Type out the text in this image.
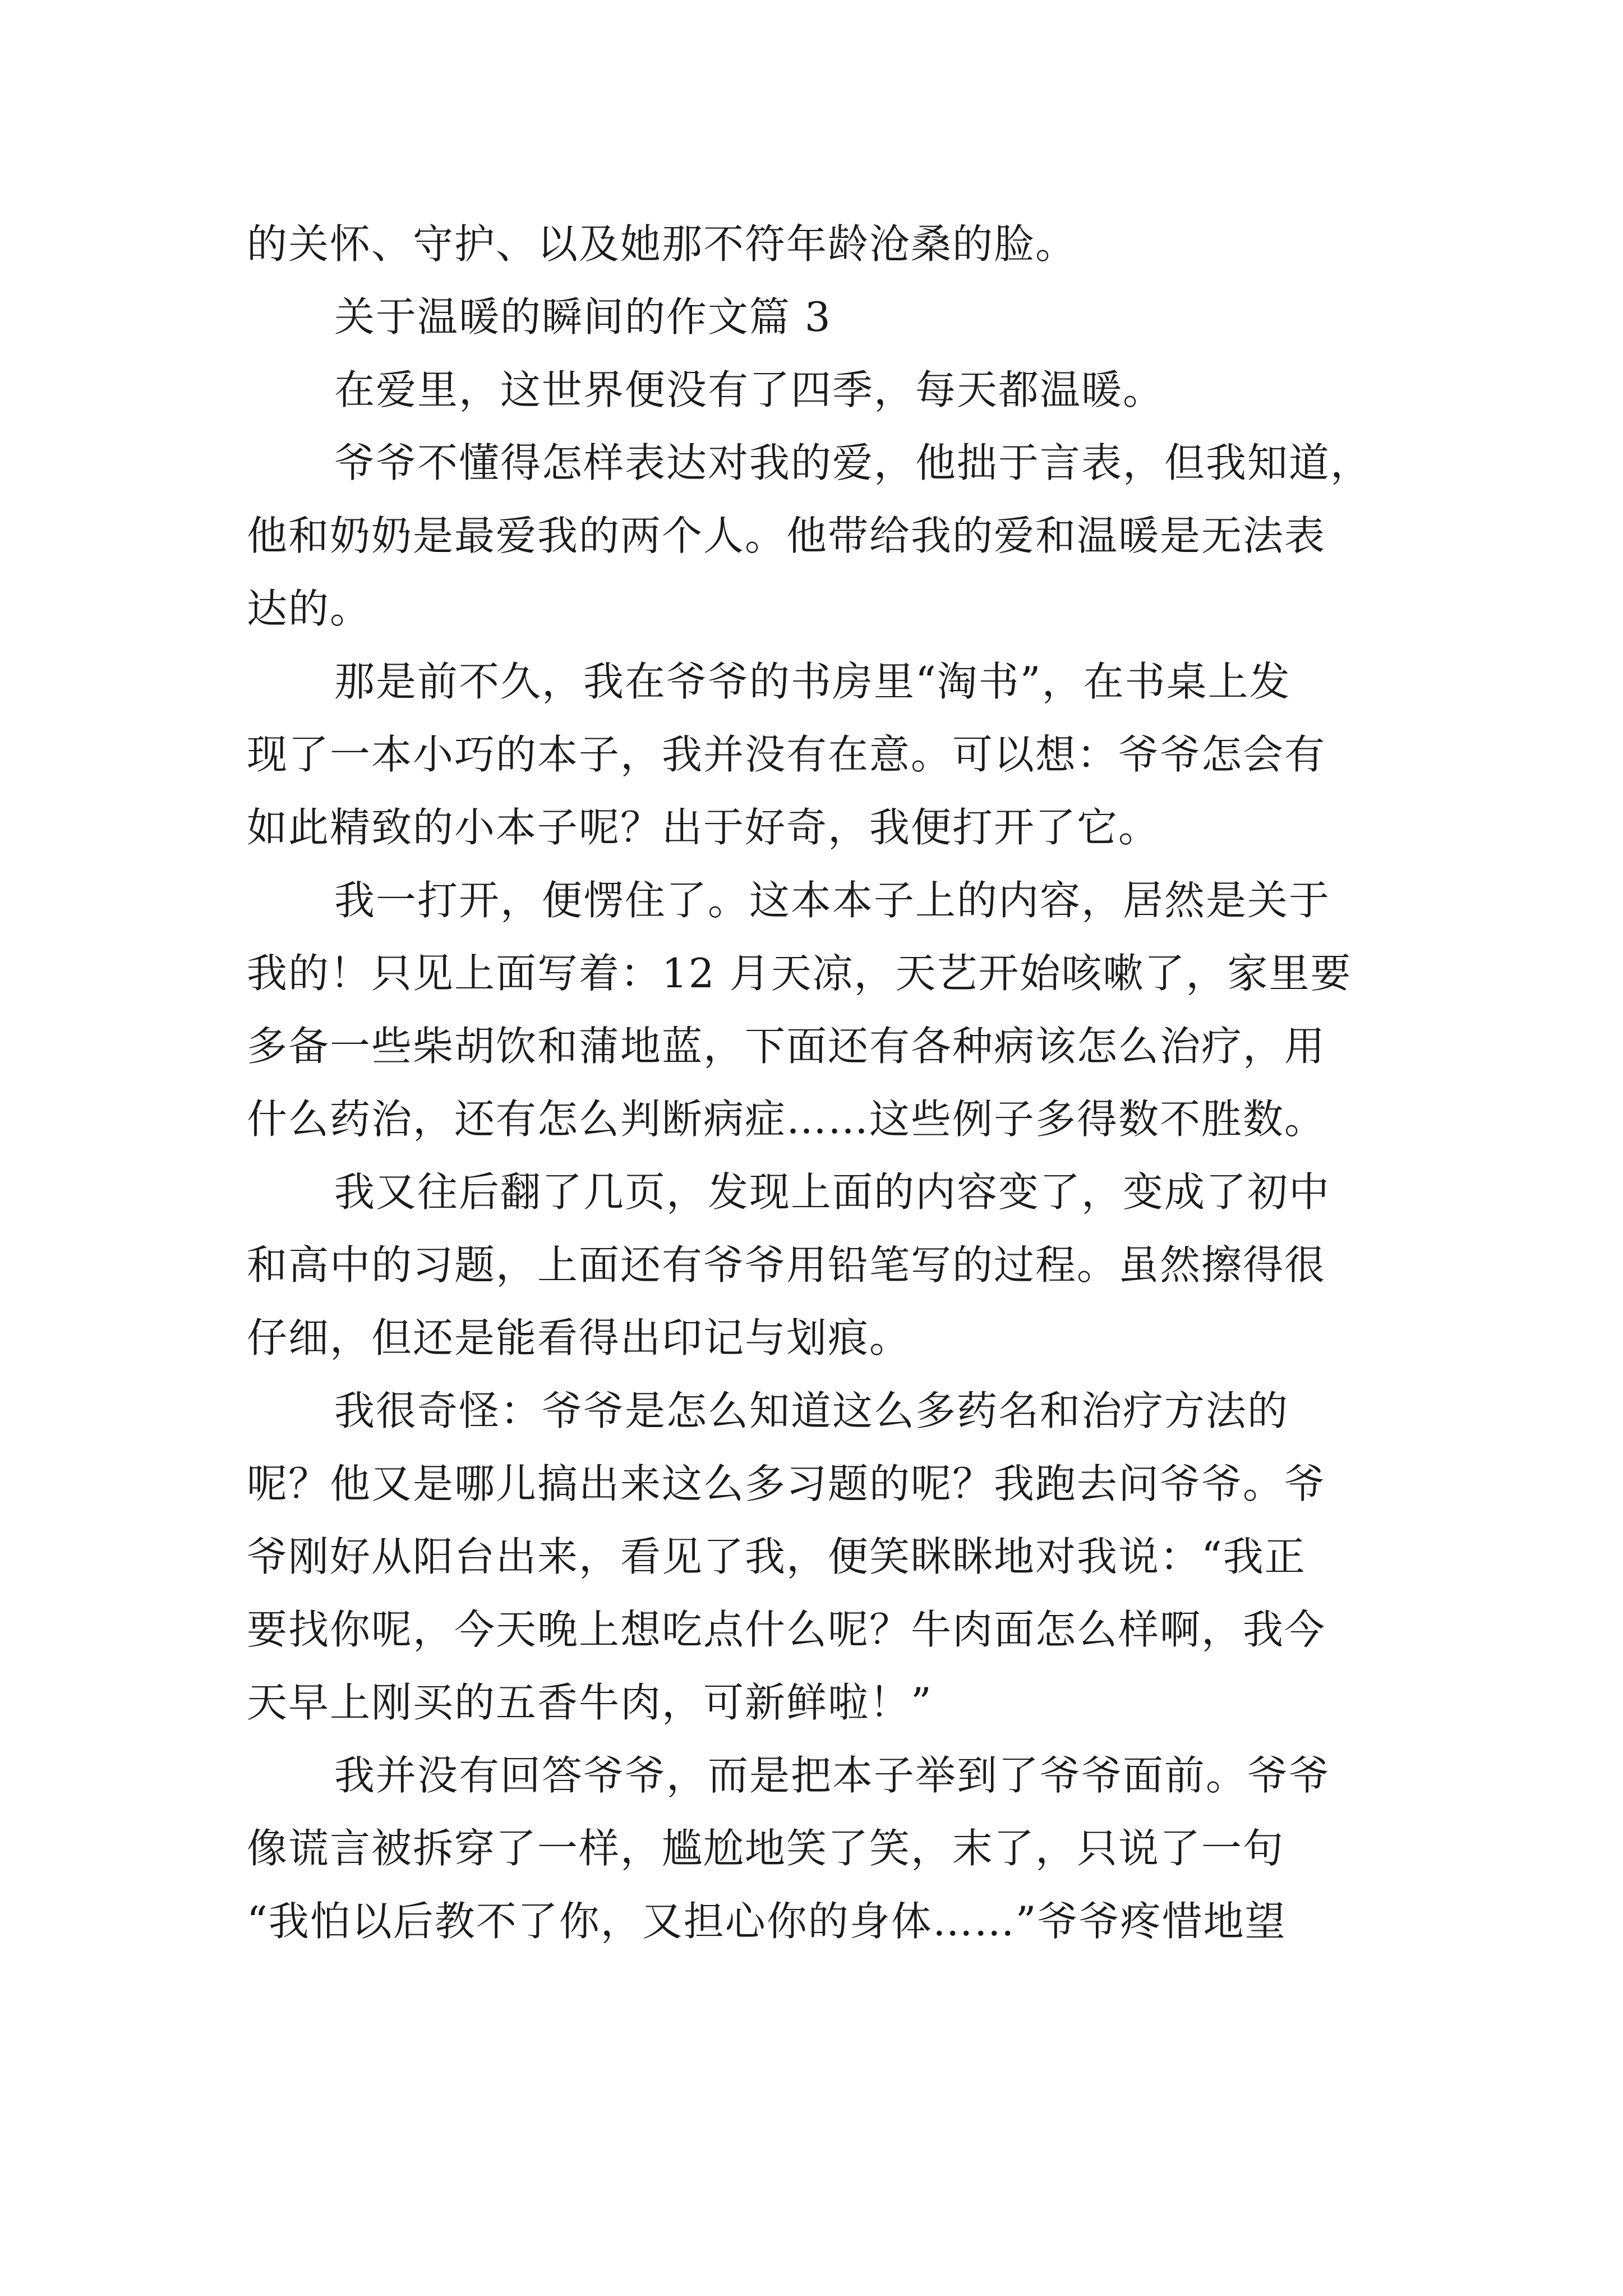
的关怀、守护、以及她那不符年龄沧桑的脸。
关于温暖的瞬间的作文篇 3
在爱里，这世界便没有了四季，每天都温暖。
爷爷不懂得怎样表达对我的爱，他拙于言表，但我知道，
他和奶奶是最爱我的两个人。他带给我的爱和温暖是无法表
达的。
那是前不久，我在爷爷的书房里“淘书”，在书桌上发
现了一本小巧的本子，我并没有在意。可以想：爷爷怎会有
如此精致的小本子呢？出于好奇，我便打开了它。
我一打开，便愣住了。这本本子上的内容，居然是关于
我的！只见上面写着：12 月天凉，天艺开始咳嗽了，家里要
多备一些柴胡饮和蒲地蓝，下面还有各种病该怎么治疗，用
什么药治，还有怎么判断病症……这些例子多得数不胜数。
我又往后翻了几页，发现上面的内容变了，变成了初中
和高中的习题，上面还有爷爷用铅笔写的过程。虽然擦得很
仔细，但还是能看得出印记与划痕。
我很奇怪：爷爷是怎么知道这么多药名和治疗方法的
呢？他又是哪儿搞出来这么多习题的呢？我跑去问爷爷。爷
爷刚好从阳台出来，看见了我，便笑眯眯地对我说：“我正
要找你呢，今天晚上想吃点什么呢？牛肉面怎么样啊，我今
天早上刚买的五香牛肉，可新鲜啦！”
我并没有回答爷爷，而是把本子举到了爷爷面前。爷爷
像谎言被拆穿了一样，尴尬地笑了笑，末了，只说了一句
“我怕以后教不了你，又担心你的身体……”爷爷疼惜地望
